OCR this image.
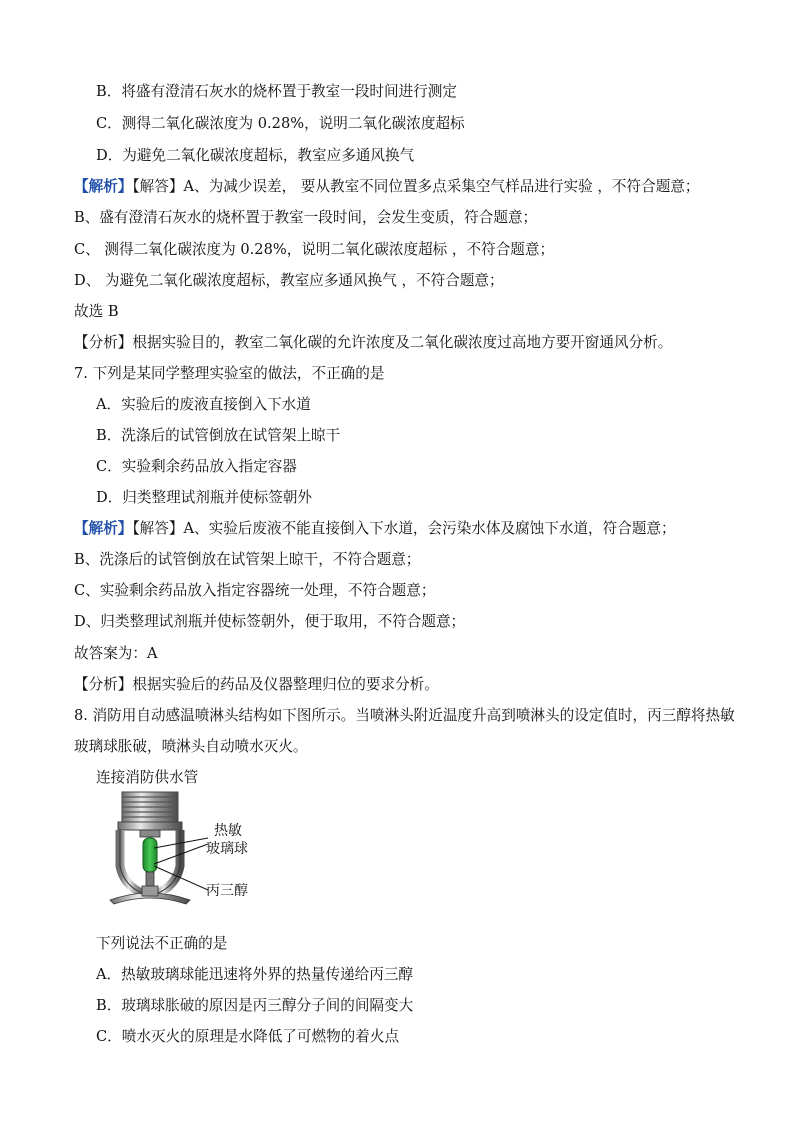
B．将盛有澄清石灰水的烧杯置于教室一段时间进行测定
C．测得二氧化碳浓度为 0.28%，说明二氧化碳浓度超标
D．为避免二氧化碳浓度超标，教室应多通风换气
【解析】【解答】A、为减少误差， 要从教室不同位置多点采集空气样品进行实验 ，不符合题意；
B、盛有澄清石灰水的烧杯置于教室一段时间，会发生变质，符合题意；
C、 测得二氧化碳浓度为 0.28%，说明二氧化碳浓度超标 ，不符合题意；
D、 为避免二氧化碳浓度超标，教室应多通风换气 ，不符合题意；
故选 B
【分析】根据实验目的，教室二氧化碳的允许浓度及二氧化碳浓度过高地方要开窗通风分析。
7. 下列是某同学整理实验室的做法，不正确的是
A．实验后的废液直接倒入下水道
B．洗涤后的试管倒放在试管架上晾干
C．实验剩余药品放入指定容器
D．归类整理试剂瓶并使标签朝外
【解析】【解答】A、实验后废液不能直接倒入下水道，会污染水体及腐蚀下水道，符合题意；
B、洗涤后的试管倒放在试管架上晾干，不符合题意；
C、实验剩余药品放入指定容器统一处理，不符合题意；
D、归类整理试剂瓶并使标签朝外，便于取用，不符合题意；
故答案为：A
【分析】根据实验后的药品及仪器整理归位的要求分析。
8. 消防用自动感温喷淋头结构如下图所示。当喷淋头附近温度升高到喷淋头的设定值时，丙三醇将热敏
玻璃球胀破，喷淋头自动喷水灭火。
连接消防供水管
热敏
玻璃球
丙三醇
下列说法不正确的是
A．热敏玻璃球能迅速将外界的热量传递给丙三醇
B．玻璃球胀破的原因是丙三醇分子间的间隔变大
C．喷水灭火的原理是水降低了可燃物的着火点
